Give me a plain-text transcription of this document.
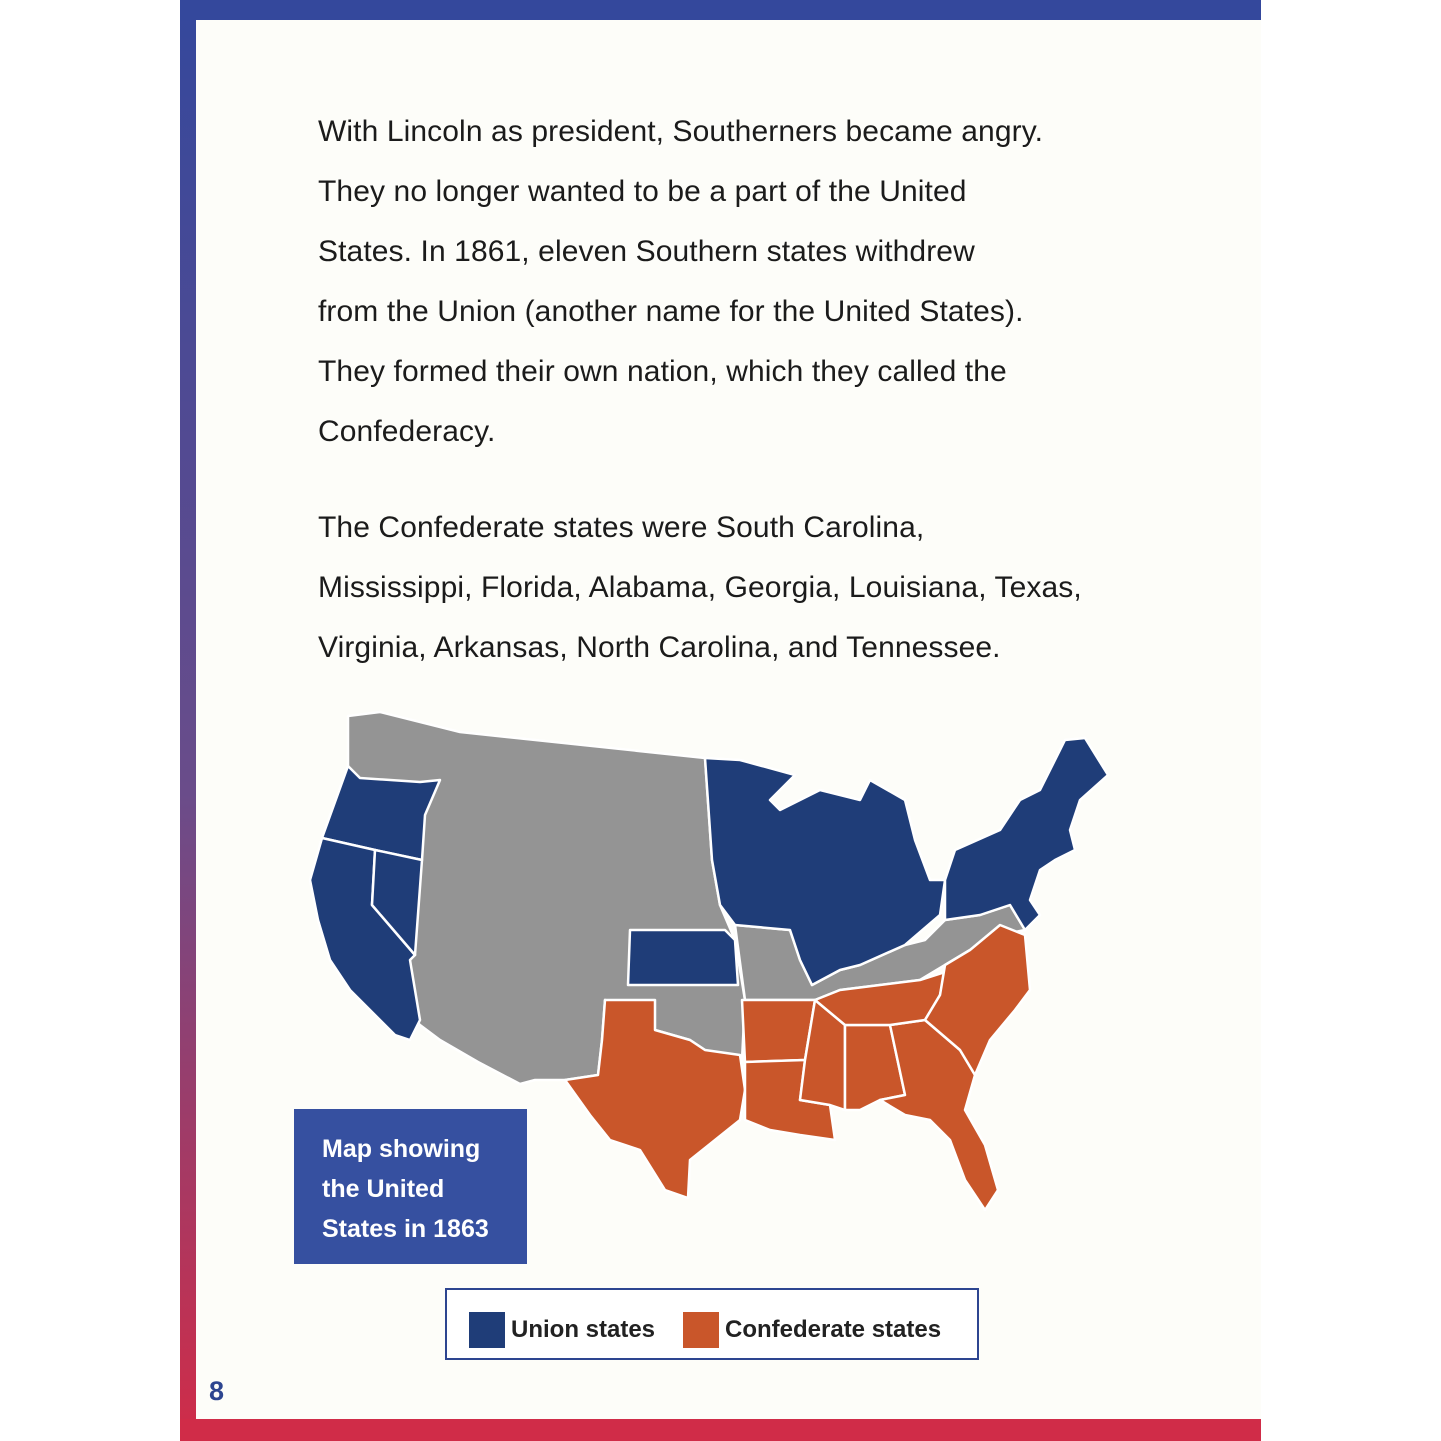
With Lincoln as president, Southerners became angry.
They no longer wanted to be a part of the United
States. In 1861, eleven Southern states withdrew
from the Union (another name for the United States).
They formed their own nation, which they called the
Confederacy.

The Confederate states were South Carolina,
Mississippi, Florida, Alabama, Georgia, Louisiana, Texas,
Virginia, Arkansas, North Carolina, and Tennessee.

Map showing
the United
States in 1863

Union states	Confederate states
8
